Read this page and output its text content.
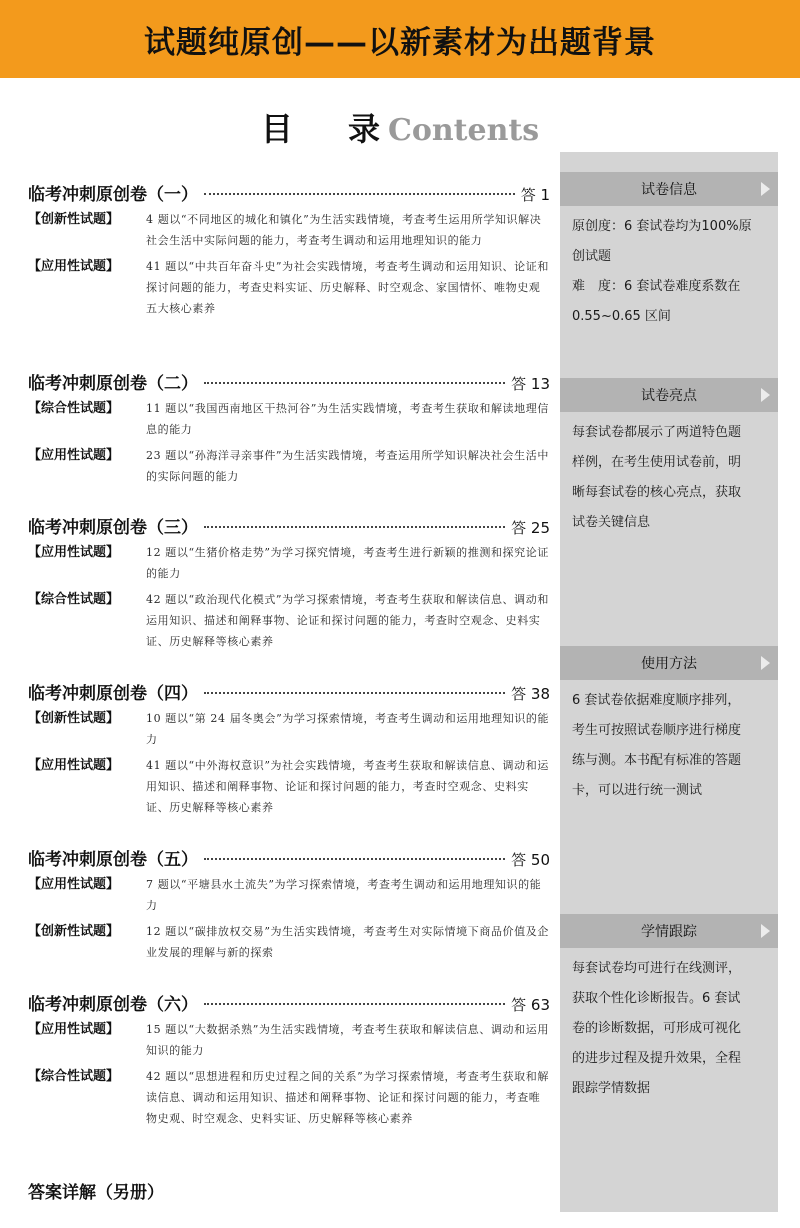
试题纯原创——以新素材为出题背景
目 录Contents
试卷信息

原创度：6 套试卷均为100%原

创试题

难　度：6 套试卷难度系数在

0.55~0.65 区间

试卷亮点

每套试卷都展示了两道特色题

样例，在考生使用试卷前，明

晰每套试卷的核心亮点，获取

试卷关键信息

使用方法

6 套试卷依据难度顺序排列，

考生可按照试卷顺序进行梯度

练与测。本书配有标准的答题

卡，可以进行统一测试

学情跟踪

每套试卷均可进行在线测评，

获取个性化诊断报告。6 套试

卷的诊断数据，可形成可视化

的进步过程及提升效果，全程

跟踪学情数据

临考冲刺原创卷（一）	答 1
【创新性试题】	4 题以“不同地区的城化和镇化”为生活实践情境，考查考生运用所学知识解决社会生活中实际问题的能力，考查考生调动和运用地理知识的能力
【应用性试题】	41 题以“中共百年奋斗史”为社会实践情境，考查考生调动和运用知识、论证和探讨问题的能力，考查史料实证、历史解释、时空观念、家国情怀、唯物史观五大核心素养
临考冲刺原创卷（二）	答 13
【综合性试题】	11 题以“我国西南地区干热河谷”为生活实践情境，考查考生获取和解读地理信息的能力
【应用性试题】	23 题以“孙海洋寻亲事件”为生活实践情境，考查运用所学知识解决社会生活中的实际问题的能力
临考冲刺原创卷（三）	答 25
【应用性试题】	12 题以“生猪价格走势”为学习探究情境，考查考生进行新颖的推测和探究论证的能力
【综合性试题】	42 题以“政治现代化模式”为学习探索情境，考查考生获取和解读信息、调动和运用知识、描述和阐释事物、论证和探讨问题的能力，考查时空观念、史料实证、历史解释等核心素养
临考冲刺原创卷（四）	答 38
【创新性试题】	10 题以“第 24 届冬奥会”为学习探索情境，考查考生调动和运用地理知识的能力
【应用性试题】	41 题以“中外海权意识”为社会实践情境，考查考生获取和解读信息、调动和运用知识、描述和阐释事物、论证和探讨问题的能力，考查时空观念、史料实证、历史解释等核心素养
临考冲刺原创卷（五）	答 50
【应用性试题】	7 题以“平塘县水土流失”为学习探索情境，考查考生调动和运用地理知识的能力
【创新性试题】	12 题以“碳排放权交易”为生活实践情境，考查考生对实际情境下商品价值及企业发展的理解与新的探索
临考冲刺原创卷（六）	答 63
【应用性试题】	15 题以“大数据杀熟”为生活实践情境，考查考生获取和解读信息、调动和运用知识的能力
【综合性试题】	42 题以“思想进程和历史过程之间的关系”为学习探索情境，考查考生获取和解读信息、调动和运用知识、描述和阐释事物、论证和探讨问题的能力，考查唯物史观、时空观念、史料实证、历史解释等核心素养
答案详解（另册）
